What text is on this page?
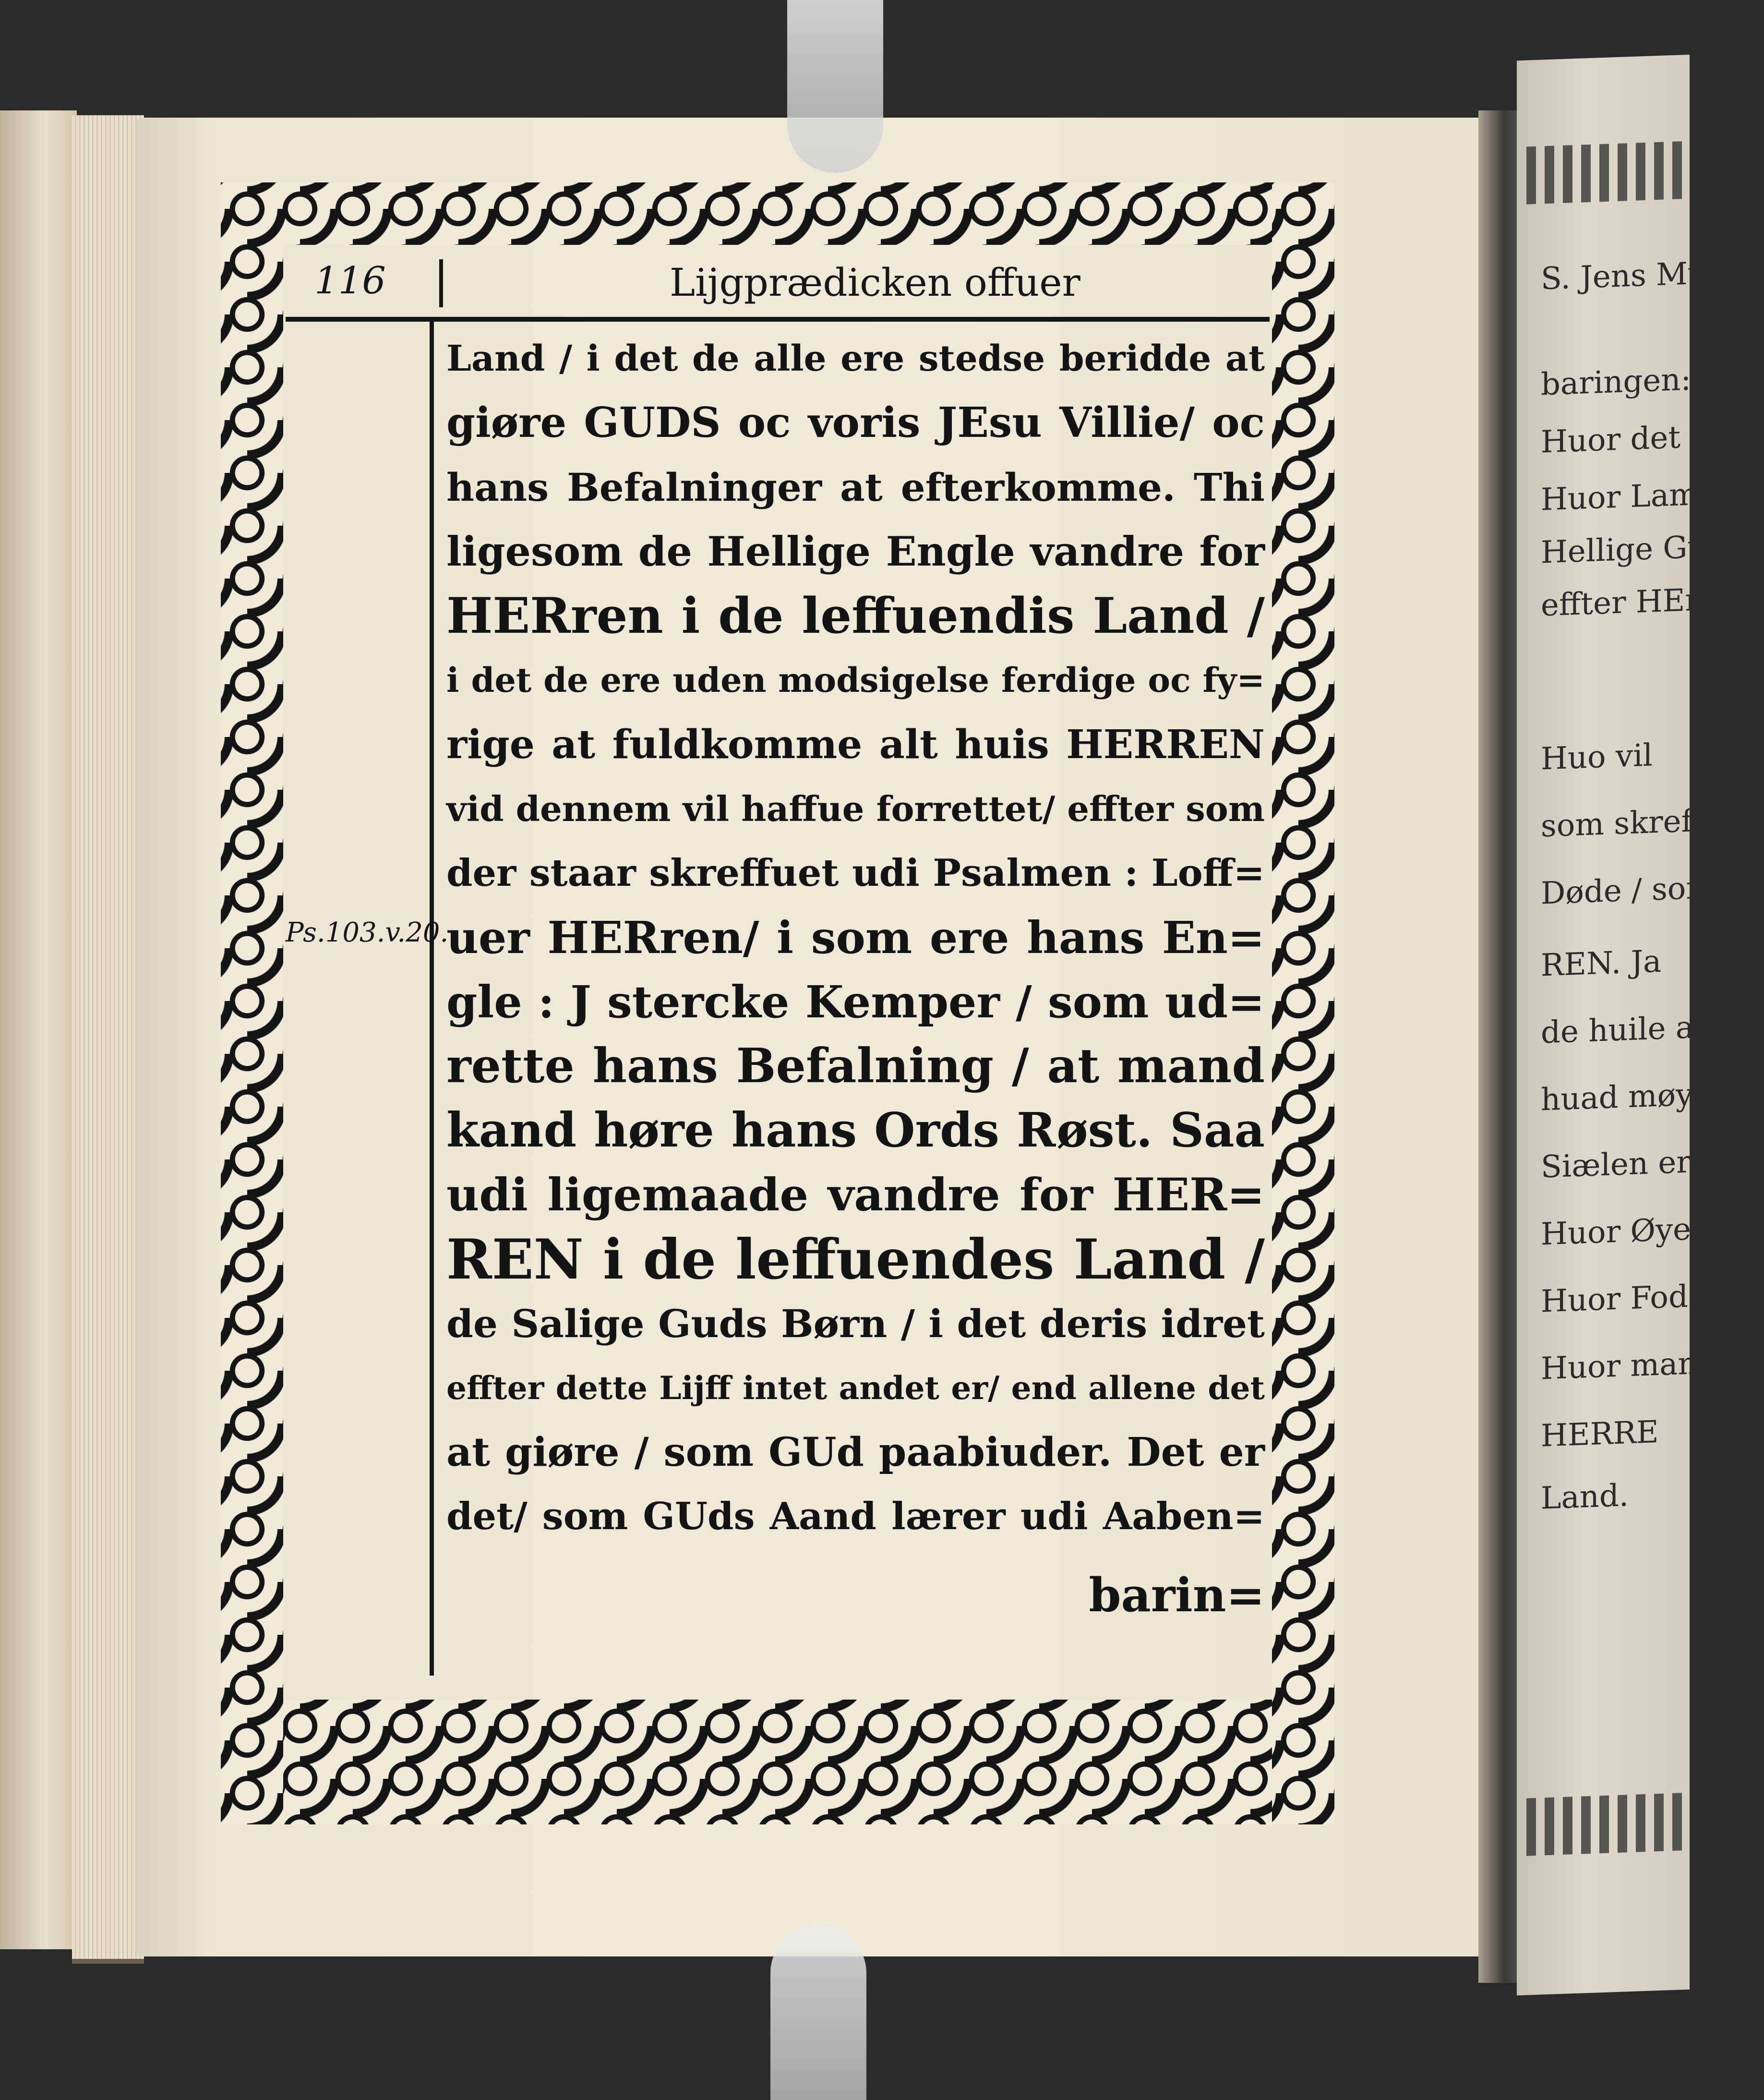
S. Jens Mu
baringen: Deß
Huor det gaar
Huor Lammet
Hellige Guds
effter HErren
Huo vil
som skreffuet
Døde / som d
REN. Ja
de huile aff de
huad møye
Siælen er
Huor Øyet er
Huor Foden
Huor mand
HERRE
Land.
116	Lijgprædicken offuer
Ps.103.v.20.
Land / i det de alle ere stedse beridde at
giøre GUDS oc voris JEsu Villie/ oc
hans Befalninger at efterkomme. Thi
ligesom de Hellige Engle vandre for
HERren i de leffuendis Land /
i det de ere uden modsigelse ferdige oc fy=
rige at fuldkomme alt huis HERREN
vid dennem vil haffue forrettet/ effter som
der staar skreffuet udi Psalmen : Loff=
uer HERren/ i som ere hans En=
gle : J stercke Kemper / som ud=
rette hans Befalning / at mand
kand høre hans Ords Røst. Saa
udi ligemaade vandre for HER=
REN i de leffuendes Land /
de Salige Guds Børn / i det deris idret
effter dette Lijff intet andet er/ end allene det
at giøre / som GUd paabiuder. Det er
det/ som GUds Aand lærer udi Aaben=
barin=
